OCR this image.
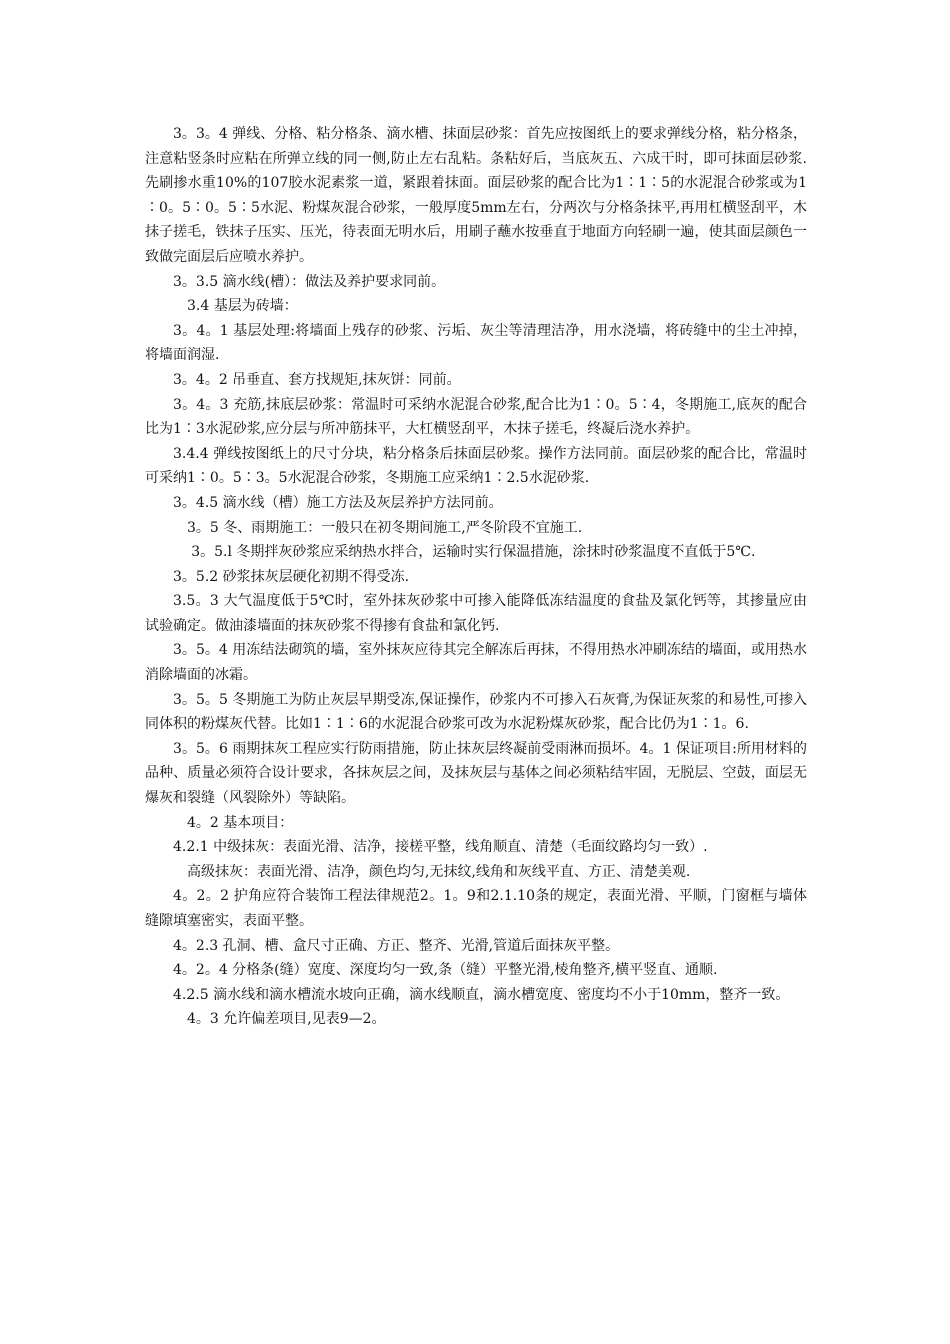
3。3。4 弹线、分格、粘分格条、滴水槽、抹面层砂浆：首先应按图纸上的要求弹线分格，粘分格条，注意粘竖条时应粘在所弹立线的同一侧,防止左右乱粘。条粘好后，当底灰五、六成干时，即可抹面层砂浆.先刷掺水重10%的107胶水泥素浆一道，紧跟着抹面。面层砂浆的配合比为1∶1∶5的水泥混合砂浆或为1∶0。5∶0。5∶5水泥、粉煤灰混合砂浆，一般厚度5mm左右，分两次与分格条抹平,再用杠横竖刮平，木抹子搓毛，铁抹子压实、压光，待表面无明水后，用刷子蘸水按垂直于地面方向轻刷一遍，使其面层颜色一致做完面层后应喷水养护。

3。3.5 滴水线(槽）：做法及养护要求同前。

3.4 基层为砖墙：

3。4。1 基层处理:将墙面上残存的砂浆、污垢、灰尘等清理洁净，用水浇墙，将砖缝中的尘土冲掉，将墙面润湿.

3。4。2 吊垂直、套方找规矩,抹灰饼：同前。

3。4。3 充筋,抹底层砂浆：常温时可采纳水泥混合砂浆,配合比为1∶0。5∶4，冬期施工,底灰的配合比为1∶3水泥砂浆,应分层与所冲筋抹平，大杠横竖刮平，木抹子搓毛，终凝后浇水养护。

3.4.4 弹线按图纸上的尺寸分块，粘分格条后抹面层砂浆。操作方法同前。面层砂浆的配合比，常温时可采纳1∶0。5∶3。5水泥混合砂浆，冬期施工应采纳1∶2.5水泥砂浆.

3。4.5 滴水线（槽）施工方法及灰层养护方法同前。

3。5 冬、雨期施工：一般只在初冬期间施工,严冬阶段不宜施工.

3。5.l 冬期拌灰砂浆应采纳热水拌合，运输时实行保温措施，涂抹时砂浆温度不直低于5℃.

3。5.2 砂浆抹灰层硬化初期不得受冻.

3.5。3 大气温度低于5℃时，室外抹灰砂浆中可掺入能降低冻结温度的食盐及氯化钙等，其掺量应由试验确定。做油漆墙面的抹灰砂浆不得掺有食盐和氯化钙.

3。5。4 用冻结法砌筑的墙，室外抹灰应待其完全解冻后再抹，不得用热水冲刷冻结的墙面，或用热水消除墙面的冰霜。

3。5。5 冬期施工为防止灰层早期受冻,保证操作，砂浆内不可掺入石灰膏,为保证灰浆的和易性,可掺入同体积的粉煤灰代替。比如1∶1∶6的水泥混合砂浆可改为水泥粉煤灰砂浆，配合比仍为1∶1。6.

3。5。6 雨期抹灰工程应实行防雨措施，防止抹灰层终凝前受雨淋而损坏。4。1 保证项目:所用材料的品种、质量必须符合设计要求，各抹灰层之间，及抹灰层与基体之间必须粘结牢固，无脱层、空鼓，面层无爆灰和裂缝（风裂除外）等缺陷。

4。2 基本项目：

4.2.1 中级抹灰：表面光滑、洁净，接槎平整，线角顺直、清楚（毛面纹路均匀一致）.

高级抹灰：表面光滑、洁净，颜色均匀,无抹纹,线角和灰线平直、方正、清楚美观.

4。2。2 护角应符合装饰工程法律规范2。1。9和2.1.10条的规定，表面光滑、平顺，门窗框与墙体缝隙填塞密实，表面平整。

4。2.3 孔洞、槽、盒尺寸正确、方正、整齐、光滑,管道后面抹灰平整。

4。2。4 分格条(缝）宽度、深度均匀一致,条（缝）平整光滑,棱角整齐,横平竖直、通顺.

4.2.5 滴水线和滴水槽流水坡向正确，滴水线顺直，滴水槽宽度、密度均不小于10mm，整齐一致。

4。3 允许偏差项目,见表9—2。
